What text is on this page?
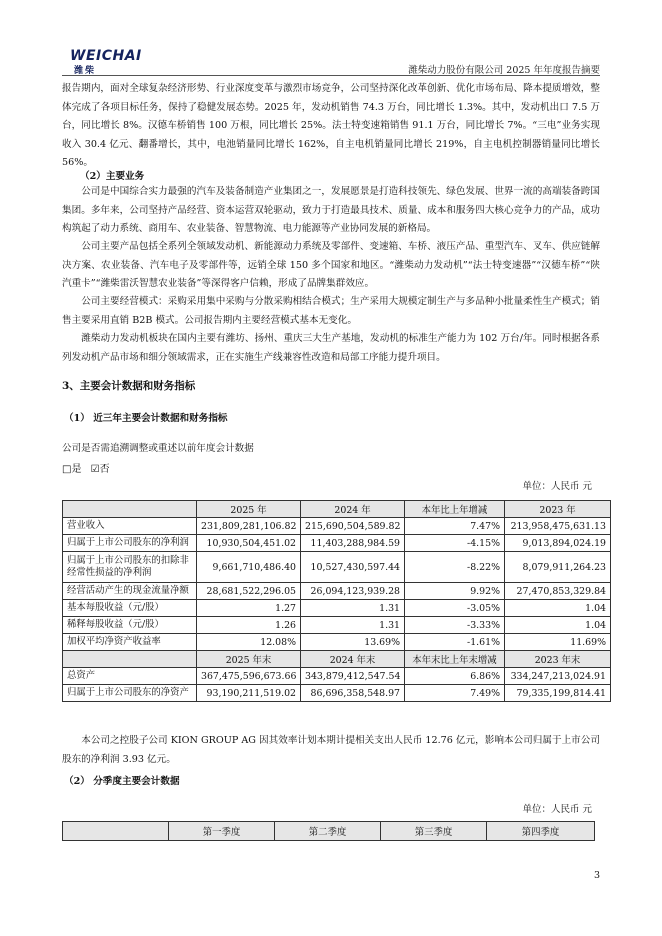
WEICHAI
潍柴	潍柴动力股份有限公司 2025 年年度报告摘要
报告期内，面对全球复杂经济形势、行业深度变革与激烈市场竞争，公司坚持深化改革创新、优化市场布局、降本提质增效，整体完成了各项目标任务，保持了稳健发展态势。2025 年，发动机销售 74.3 万台，同比增长 1.3%。其中，发动机出口 7.5 万台，同比增长 8%。汉德车桥销售 100 万根，同比增长 25%。法士特变速箱销售 91.1 万台，同比增长 7%。“三电”业务实现收入 30.4 亿元、翻番增长，其中，电池销量同比增长 162%，自主电机销量同比增长 219%，自主电机控制器销量同比增长 56%。
（2）主要业务
公司是中国综合实力最强的汽车及装备制造产业集团之一，发展愿景是打造科技领先、绿色发展、世界一流的高端装备跨国集团。多年来，公司坚持产品经营、资本运营双轮驱动，致力于打造最具技术、质量、成本和服务四大核心竞争力的产品，成功构筑起了动力系统、商用车、农业装备、智慧物流、电力能源等产业协同发展的新格局。
公司主要产品包括全系列全领域发动机、新能源动力系统及零部件、变速箱、车桥、液压产品、重型汽车、叉车、供应链解决方案、农业装备、汽车电子及零部件等，远销全球 150 多个国家和地区。“潍柴动力发动机”“法士特变速器”“汉德车桥”“陕汽重卡”“潍柴雷沃智慧农业装备”等深得客户信赖，形成了品牌集群效应。
公司主要经营模式：采购采用集中采购与分散采购相结合模式；生产采用大规模定制生产与多品种小批量柔性生产模式；销售主要采用直销 B2B 模式。公司报告期内主要经营模式基本无变化。
潍柴动力发动机板块在国内主要有潍坊、扬州、重庆三大生产基地，发动机的标准生产能力为 102 万台/年。同时根据各系列发动机产品市场和细分领域需求，正在实施生产线兼容性改造和局部工序能力提升项目。
3、主要会计数据和财务指标
（1） 近三年主要会计数据和财务指标
公司是否需追溯调整或重述以前年度会计数据
□是 ☑否
单位：人民币 元
	2025 年	2024 年	本年比上年增减	2023 年
营业收入	231,809,281,106.82	215,690,504,589.82	7.47%	213,958,475,631.13
归属于上市公司股东的净利润	10,930,504,451.02	11,403,288,984.59	-4.15%	9,013,894,024.19
归属于上市公司股东的扣除非经常性损益的净利润	9,661,710,486.40	10,527,430,597.44	-8.22%	8,079,911,264.23
经营活动产生的现金流量净额	28,681,522,296.05	26,094,123,939.28	9.92%	27,470,853,329.84
基本每股收益（元/股）	1.27	1.31	-3.05%	1.04
稀释每股收益（元/股）	1.26	1.31	-3.33%	1.04
加权平均净资产收益率	12.08%	13.69%	-1.61%	11.69%
	2025 年末	2024 年末	本年末比上年末增减	2023 年末
总资产	367,475,596,673.66	343,879,412,547.54	6.86%	334,247,213,024.91
归属于上市公司股东的净资产	93,190,211,519.02	86,696,358,548.97	7.49%	79,335,199,814.41
本公司之控股子公司 KION GROUP AG 因其效率计划本期计提相关支出人民币 12.76 亿元，影响本公司归属于上市公司股东的净利润 3.93 亿元。
（2） 分季度主要会计数据
单位：人民币 元
	第一季度	第二季度	第三季度	第四季度
3
